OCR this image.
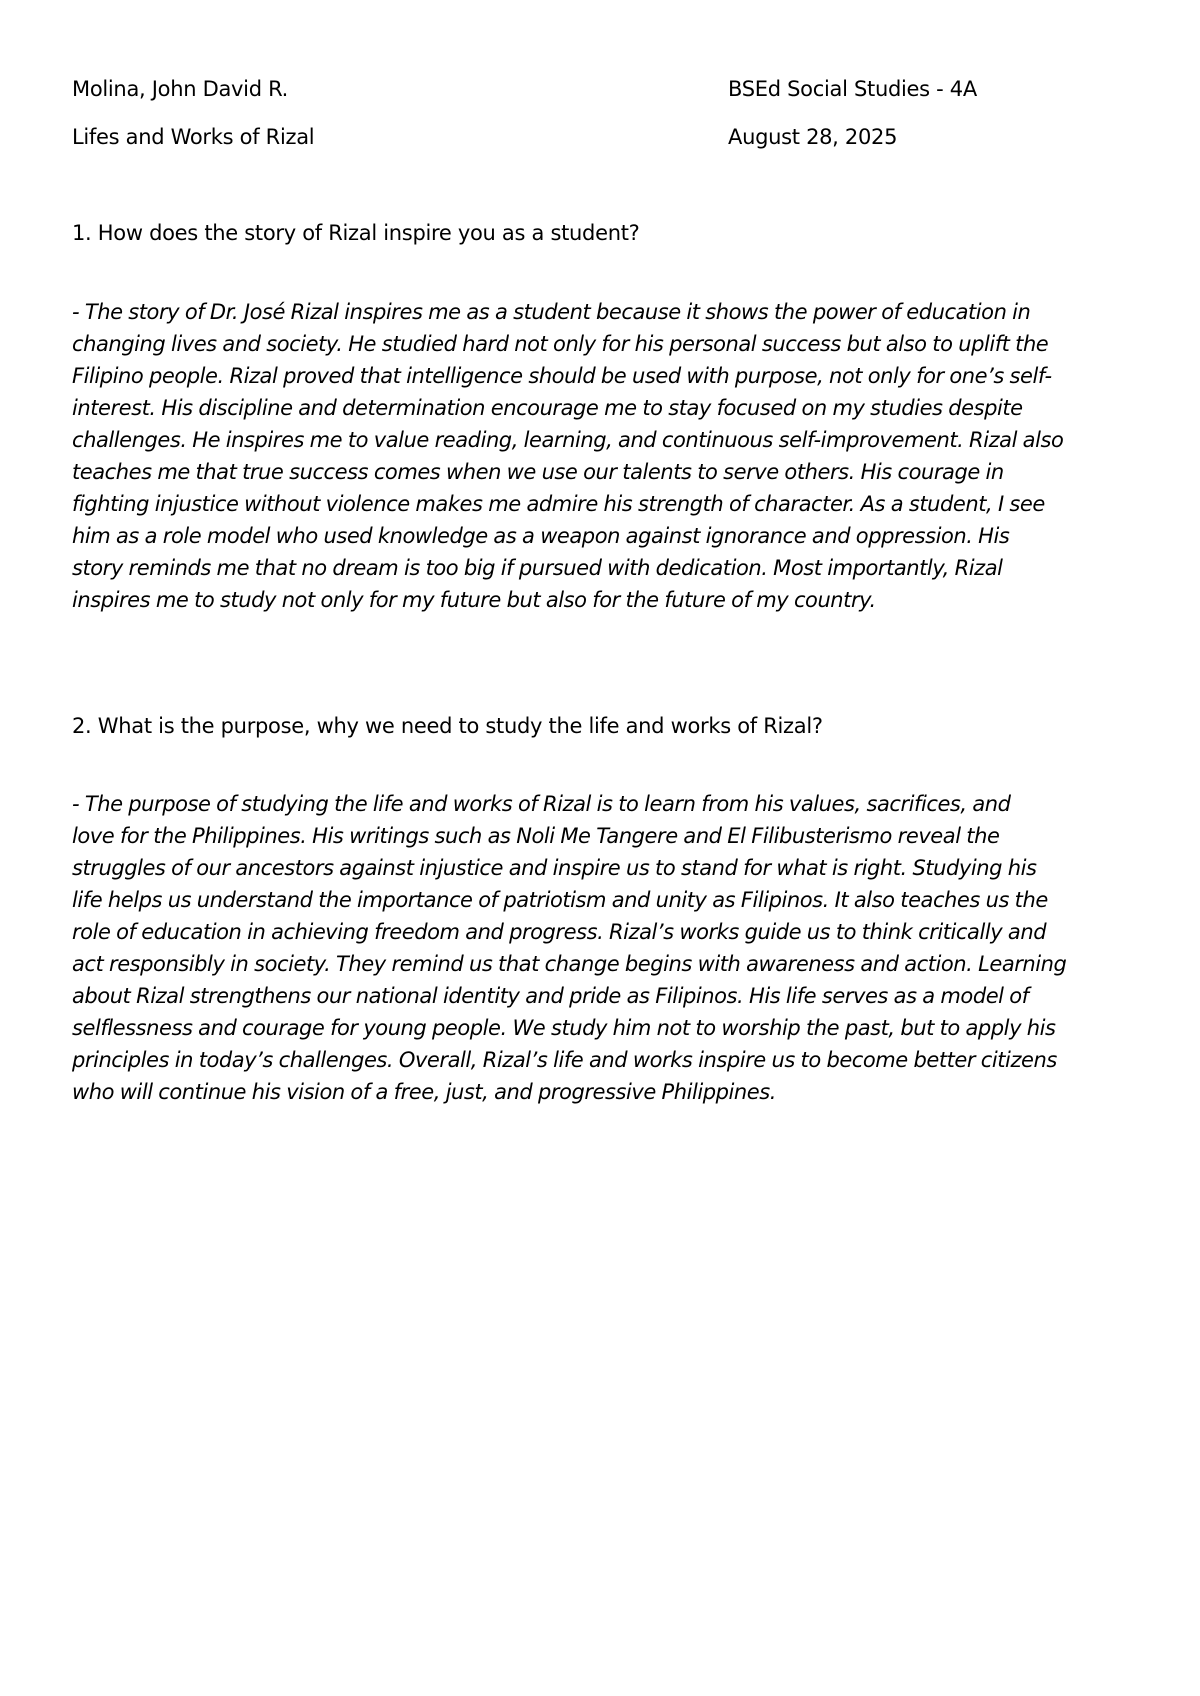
Molina, John David R.	BSEd Social Studies - 4A
Lifes and Works of Rizal	August 28, 2025
1. How does the story of Rizal inspire you as a student?
- The story of Dr. José Rizal inspires me as a student because it shows the power of education in
changing lives and society. He studied hard not only for his personal success but also to uplift the
Filipino people. Rizal proved that intelligence should be used with purpose, not only for one’s self-
interest. His discipline and determination encourage me to stay focused on my studies despite
challenges. He inspires me to value reading, learning, and continuous self-improvement. Rizal also
teaches me that true success comes when we use our talents to serve others. His courage in
fighting injustice without violence makes me admire his strength of character. As a student, I see
him as a role model who used knowledge as a weapon against ignorance and oppression. His
story reminds me that no dream is too big if pursued with dedication. Most importantly, Rizal
inspires me to study not only for my future but also for the future of my country.
2. What is the purpose, why we need to study the life and works of Rizal?
- The purpose of studying the life and works of Rizal is to learn from his values, sacrifices, and
love for the Philippines. His writings such as Noli Me Tangere and El Filibusterismo reveal the
struggles of our ancestors against injustice and inspire us to stand for what is right. Studying his
life helps us understand the importance of patriotism and unity as Filipinos. It also teaches us the
role of education in achieving freedom and progress. Rizal’s works guide us to think critically and
act responsibly in society. They remind us that change begins with awareness and action. Learning
about Rizal strengthens our national identity and pride as Filipinos. His life serves as a model of
selflessness and courage for young people. We study him not to worship the past, but to apply his
principles in today’s challenges. Overall, Rizal’s life and works inspire us to become better citizens
who will continue his vision of a free, just, and progressive Philippines.
